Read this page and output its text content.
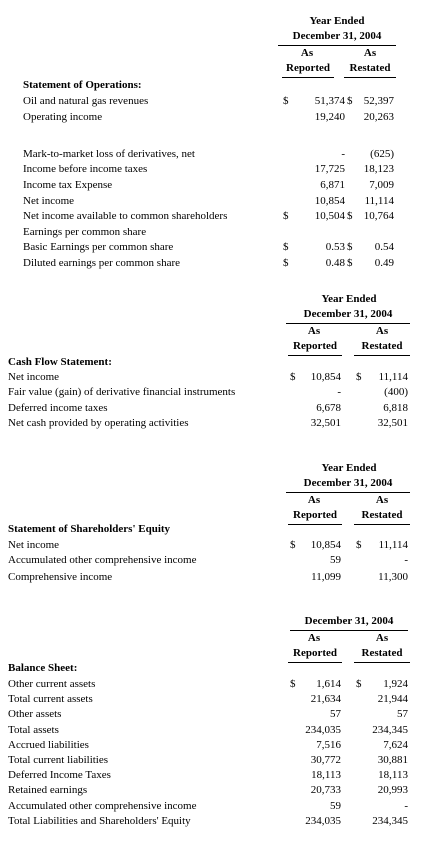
Year Ended
December 31, 2004
As	As
Reported	Restated
Statement of Operations:
Oil and natural gas revenues	$ 51,374 $ 52,397
Operating income	19,240 20,263
Mark-to-market loss of derivatives, net	- (625)
Income before income taxes	17,725 18,123
Income tax Expense	6,871 7,009
Net income	10,854 11,114
Net income available to common shareholders	$ 10,504 $ 10,764
Earnings per common share
Basic Earnings per common share	$	0.53 $ 0.54
Diluted earnings per common share	$	0.48 $ 0.49
Year Ended
December 31, 2004
As	As
Reported	Restated
Cash Flow Statement:
Net income	$ 10,854 $ 11,114
Fair value (gain) of derivative financial instruments	-	(400)
Deferred income taxes	6,678	6,818
Net cash provided by operating activities	32,501	32,501
Year Ended
December 31, 2004
As	As
Reported	Restated
Statement of Shareholders' Equity
Net income	$ 10,854 $ 11,114
Accumulated other comprehensive income	59	-
Comprehensive income	11,099	11,300
December 31, 2004
As	As
Reported	Restated
Balance Sheet:
Other current assets	$ 1,614 $ 1,924
Total current assets	21,634	21,944
Other assets	57	57
Total assets	234,035	234,345
Accrued liabilities	7,516	7,624
Total current liabilities	30,772	30,881
Deferred Income Taxes	18,113	18,113
Retained earnings	20,733	20,993
Accumulated other comprehensive income	59	-
Total Liabilities and Shareholders' Equity	234,035	234,345
